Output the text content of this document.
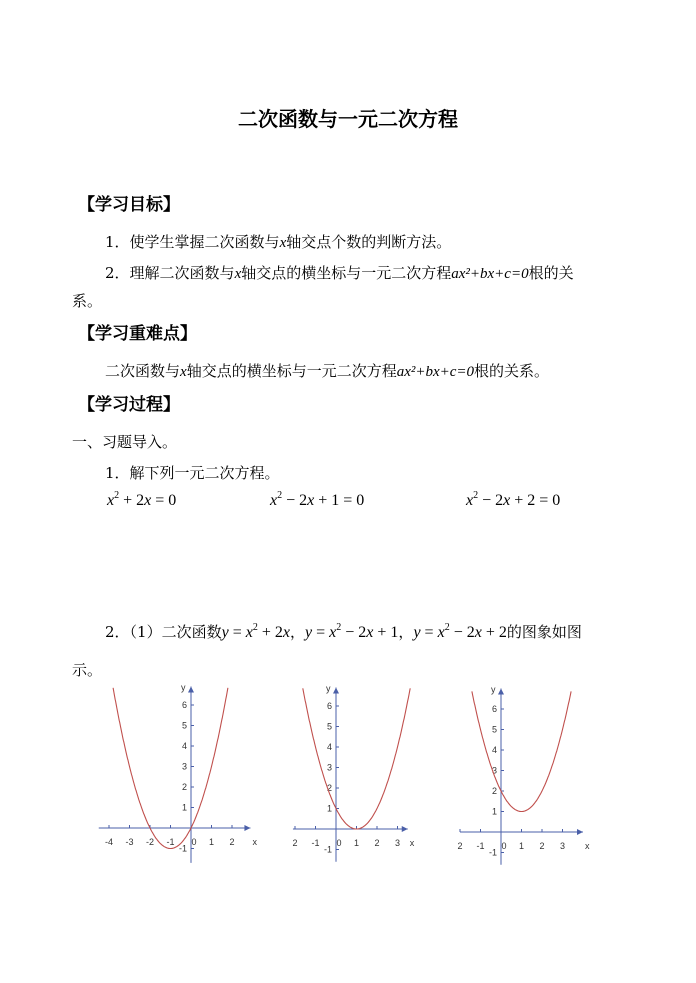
二次函数与一元二次方程
【学习目标】
1．使学生掌握二次函数与x轴交点个数的判断方法。
2．理解二次函数与x轴交点的横坐标与一元二次方程ax²+bx+c=0根的关
系。
【学习重难点】
二次函数与x轴交点的横坐标与一元二次方程ax²+bx+c=0根的关系。
【学习过程】
一、习题导入。
1．解下列一元二次方程。
$x^2 + 2x = 0$	$x^2 - 2x + 1 = 0$	$x^2 - 2x + 2 = 0$
2．（1）二次函数$y = x^2 + 2x$，$y = x^2 - 2x + 1$，$y = x^2 - 2x + 2$的图象如图
示。
-4 -3 -2 -1 0 1 2
-1
1
2
3
4
5
6
x
y
2 -1 0 1 2 3
-1
1
2
3
4
5
6
x
y
2 -1 0 1 2 3
-1
1
2
3
4
5
6
x
y
